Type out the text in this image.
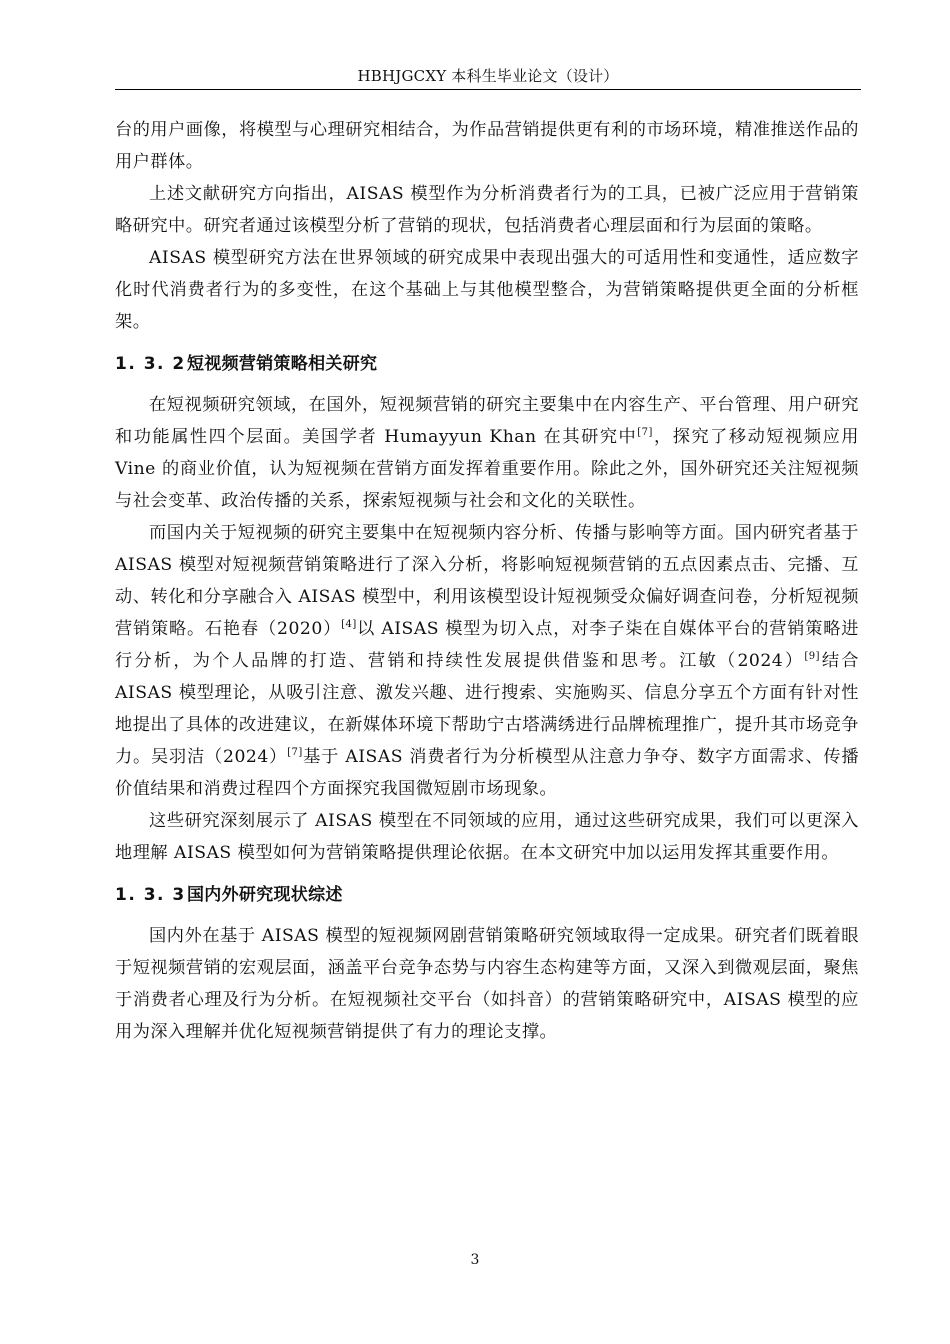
HBHJGCXY 本科生毕业论文（设计）

台的用户画像，将模型与心理研究相结合，为作品营销提供更有利的市场环境，精准推送作品的用户群体。

上述文献研究方向指出，AISAS 模型作为分析消费者行为的工具，已被广泛应用于营销策略研究中。研究者通过该模型分析了营销的现状，包括消费者心理层面和行为层面的策略。

AISAS 模型研究方法在世界领域的研究成果中表现出强大的可适用性和变通性，适应数字化时代消费者行为的多变性，在这个基础上与其他模型整合，为营销策略提供更全面的分析框架。

1. 3. 2短视频营销策略相关研究

在短视频研究领域，在国外，短视频营销的研究主要集中在内容生产、平台管理、用户研究和功能属性四个层面。美国学者 Humayyun Khan 在其研究中[7]，探究了移动短视频应用 Vine 的商业价值，认为短视频在营销方面发挥着重要作用。除此之外，国外研究还关注短视频与社会变革、政治传播的关系，探索短视频与社会和文化的关联性。

而国内关于短视频的研究主要集中在短视频内容分析、传播与影响等方面。国内研究者基于 AISAS 模型对短视频营销策略进行了深入分析，将影响短视频营销的五点因素点击、完播、互动、转化和分享融合入 AISAS 模型中，利用该模型设计短视频受众偏好调查问卷，分析短视频营销策略。石艳春（2020）[4]以 AISAS 模型为切入点，对李子柒在自媒体平台的营销策略进行分析，为个人品牌的打造、营销和持续性发展提供借鉴和思考。江敏（2024）[9]结合 AISAS 模型理论，从吸引注意、激发兴趣、进行搜索、实施购买、信息分享五个方面有针对性地提出了具体的改进建议，在新媒体环境下帮助宁古塔满绣进行品牌梳理推广，提升其市场竞争力。吴羽洁（2024）[7]基于 AISAS 消费者行为分析模型从注意力争夺、数字方面需求、传播价值结果和消费过程四个方面探究我国微短剧市场现象。

这些研究深刻展示了 AISAS 模型在不同领域的应用，通过这些研究成果，我们可以更深入地理解 AISAS 模型如何为营销策略提供理论依据。在本文研究中加以运用发挥其重要作用。

1. 3. 3国内外研究现状综述

国内外在基于 AISAS 模型的短视频网剧营销策略研究领域取得一定成果。研究者们既着眼于短视频营销的宏观层面，涵盖平台竞争态势与内容生态构建等方面，又深入到微观层面，聚焦于消费者心理及行为分析。在短视频社交平台（如抖音）的营销策略研究中，AISAS 模型的应用为深入理解并优化短视频营销提供了有力的理论支撑。

3
